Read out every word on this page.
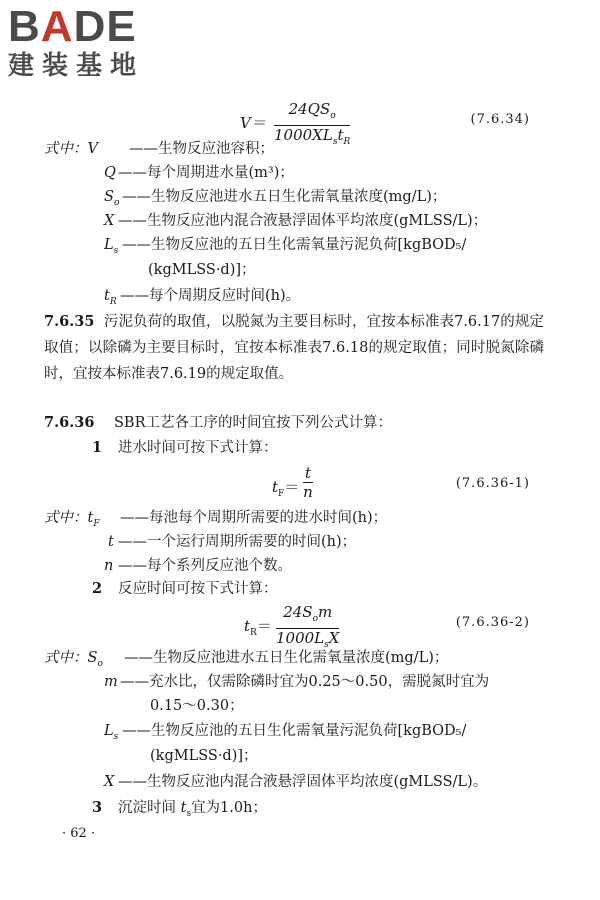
BADE
建装基地
V＝
$24QS_o$
$1000XL_st_R$
(7.6.34)
式中：V ——生物反应池容积；
Q ——每个周期进水量(m³)；
$S_o$ ——生物反应池进水五日生化需氧量浓度(mg/L)；
X ——生物反应池内混合液悬浮固体平均浓度(gMLSS/L)；
$L_s$ ——生物反应池的五日生化需氧量污泥负荷[kgBOD₅/
(kgMLSS·d)]；
$t_R$ ——每个周期反应时间(h)。
7.6.35 污泥负荷的取值，以脱氮为主要目标时，宜按本标准表7.6.17的规定取值；以除磷为主要目标时，宜按本标准表7.6.18的规定取值；同时脱氮除磷时，宜按本标准表7.6.19的规定取值。
7.6.36 SBR工艺各工序的时间宜按下列公式计算：
1 进水时间可按下式计算：
$t_F= \frac{t}{n}$	(7.6.36-1)
式中：$t_F$ ——每池每个周期所需要的进水时间(h)；
t ——一个运行周期所需要的时间(h)；
n ——每个系列反应池个数。
2 反应时间可按下式计算：
$t_R=$
$24S_om$
$1000L_sX$
(7.6.36-2)
式中：$S_o$ ——生物反应池进水五日生化需氧量浓度(mg/L)；
m ——充水比，仅需除磷时宜为0.25～0.50，需脱氮时宜为
0.15～0.30；
$L_s$ ——生物反应池的五日生化需氧量污泥负荷[kgBOD₅/
(kgMLSS·d)]；
X ——生物反应池内混合液悬浮固体平均浓度(gMLSS/L)。
3 沉淀时间 $t_s$宜为1.0h；
· 62 ·
